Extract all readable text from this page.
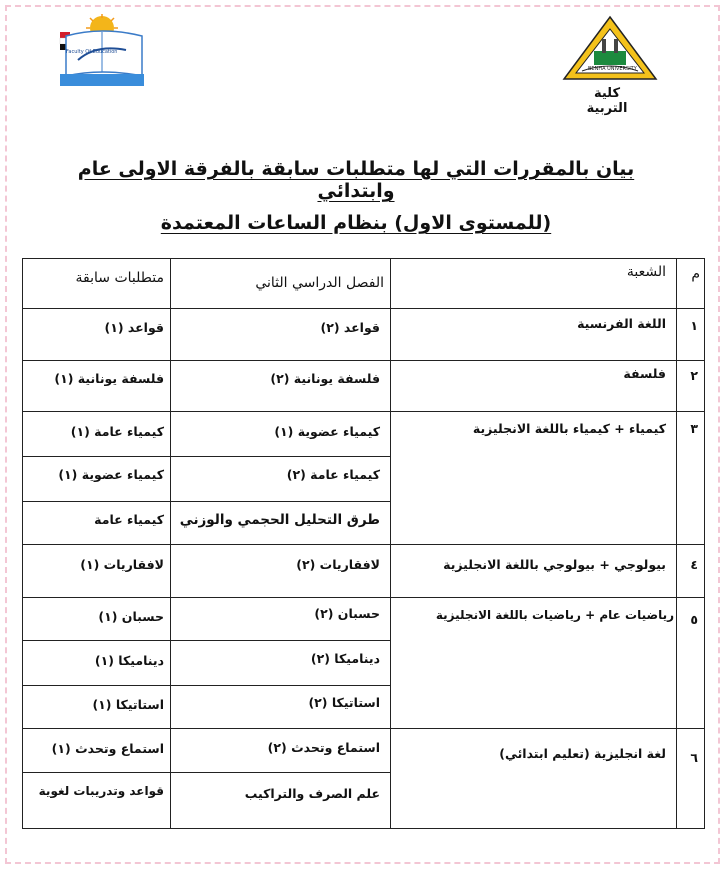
Faculty Of Education
BENHA UNIVERSITY
كلية التربية
بيان بالمقررات التي لها متطلبات سابقة بالفرقة الاولى عام وابتدائي
(للمستوى الاول) بنظام الساعات المعتمدة
م
الشعبة
الفصل الدراسي الثاني
متطلبات سابقة
١
اللغة الفرنسية
قواعد (٢)
قواعد (١)
٢
فلسفة
فلسفة يونانية (٢)
فلسفة يونانية (١)
٣
كيمياء + كيمياء باللغة الانجليزية
كيمياء عضوية (١)
كيمياء عامة (١)
كيمياء عامة (٢)
كيمياء عضوية (١)
طرق التحليل الحجمي والوزني
كيمياء عامة
٤
بيولوجي + بيولوجي باللغة الانجليزية
لافقاريات (٢)
لافقاريات (١)
٥
رياضيات عام + رياضيات باللغة الانجليزية
حسبان (٢)
حسبان (١)
ديناميكا (٢)
ديناميكا (١)
استاتيكا (٢)
استاتيكا (١)
٦
لغة انجليزية (تعليم ابتدائي)
استماع وتحدث (٢)
استماع وتحدث (١)
علم الصرف والتراكيب
قواعد وتدريبات لغوية
